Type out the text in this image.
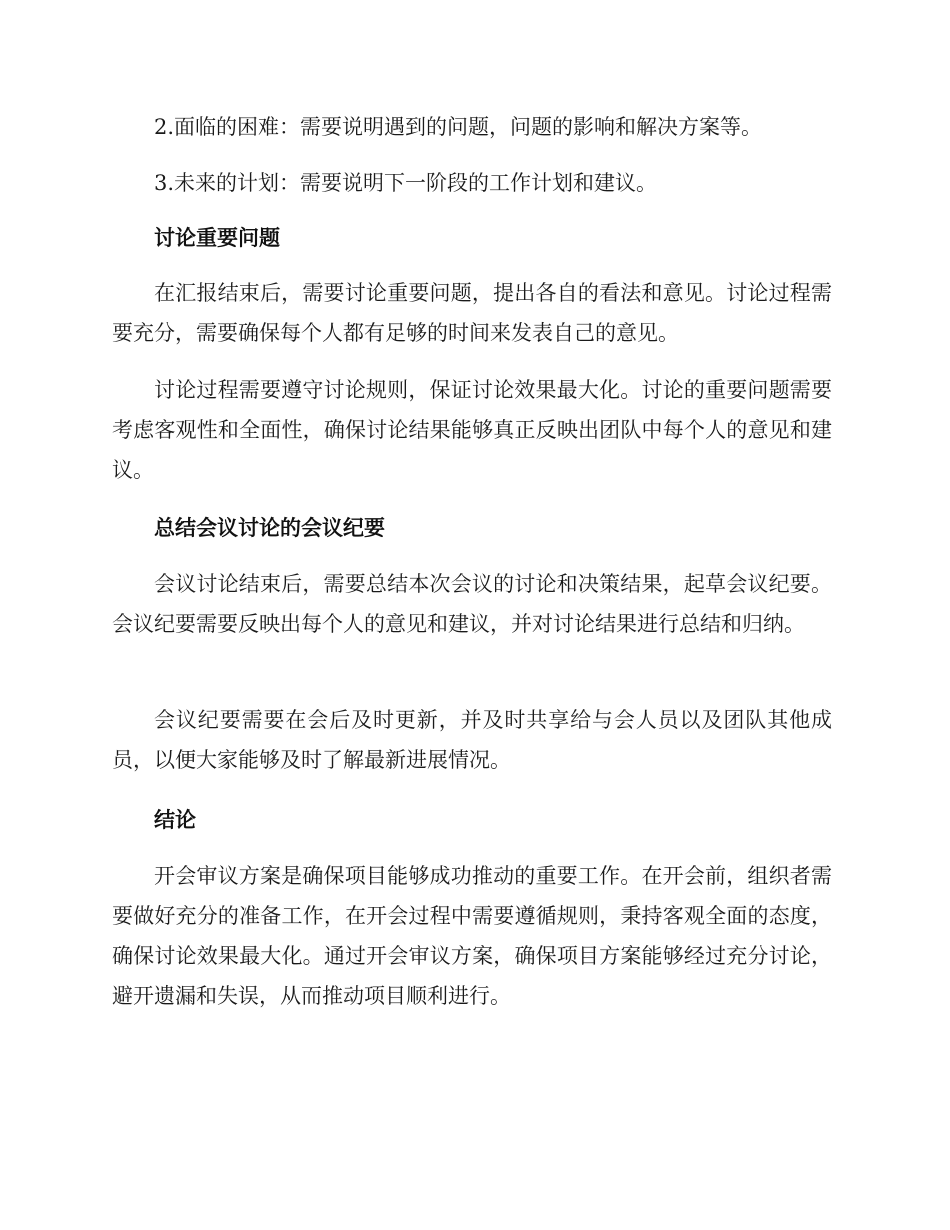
2.面临的困难：需要说明遇到的问题，问题的影响和解决方案等。

3.未来的计划：需要说明下一阶段的工作计划和建议。

讨论重要问题

在汇报结束后，需要讨论重要问题，提出各自的看法和意见。讨论过程需要充分，需要确保每个人都有足够的时间来发表自己的意见。

讨论过程需要遵守讨论规则，保证讨论效果最大化。讨论的重要问题需要考虑客观性和全面性，确保讨论结果能够真正反映出团队中每个人的意见和建议。

总结会议讨论的会议纪要

会议讨论结束后，需要总结本次会议的讨论和决策结果，起草会议纪要。会议纪要需要反映出每个人的意见和建议，并对讨论结果进行总结和归纳。

会议纪要需要在会后及时更新，并及时共享给与会人员以及团队其他成员，以便大家能够及时了解最新进展情况。

结论

开会审议方案是确保项目能够成功推动的重要工作。在开会前，组织者需要做好充分的准备工作，在开会过程中需要遵循规则，秉持客观全面的态度，确保讨论效果最大化。通过开会审议方案，确保项目方案能够经过充分讨论，避开遗漏和失误，从而推动项目顺利进行。
